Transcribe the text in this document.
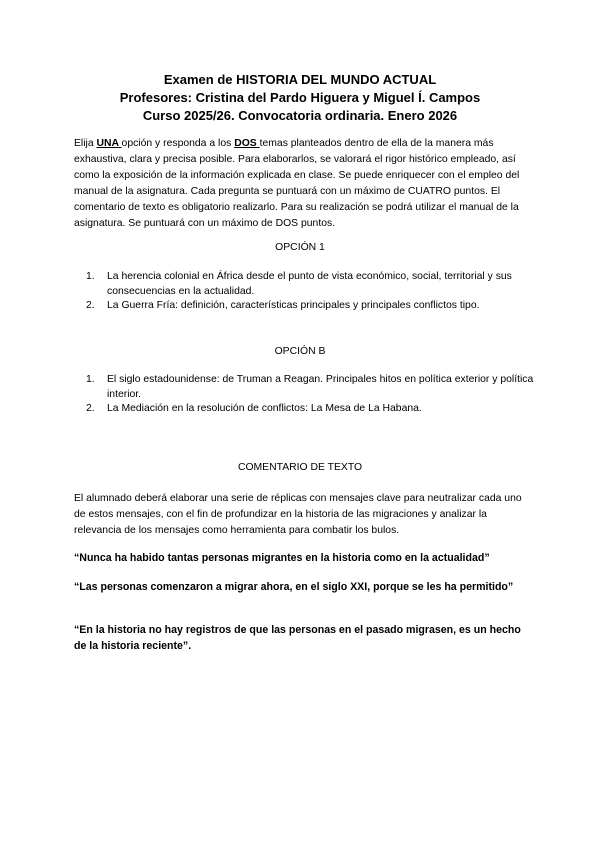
Examen de HISTORIA DEL MUNDO ACTUAL
Profesores: Cristina del Pardo Higuera y Miguel Í. Campos
Curso 2025/26. Convocatoria ordinaria. Enero 2026
Elija UNA opción y responda a los DOS temas planteados dentro de ella de la manera más exhaustiva, clara y precisa posible. Para elaborarlos, se valorará el rigor histórico empleado, así como la exposición de la información explicada en clase. Se puede enriquecer con el empleo del manual de la asignatura. Cada pregunta se puntuará con un máximo de CUATRO puntos. El comentario de texto es obligatorio realizarlo. Para su realización se podrá utilizar el manual de la asignatura. Se puntuará con un máximo de DOS puntos.
OPCIÓN 1
1. La herencia colonial en África desde el punto de vista económico, social, territorial y sus consecuencias en la actualidad.
2. La Guerra Fría: definición, características principales y principales conflictos tipo.
OPCIÓN B
1. El siglo estadounidense: de Truman a Reagan. Principales hitos en política exterior y política interior.
2. La Mediación en la resolución de conflictos: La Mesa de La Habana.
COMENTARIO DE TEXTO
El alumnado deberá elaborar una serie de réplicas con mensajes clave para neutralizar cada uno de estos mensajes, con el fin de profundizar en la historia de las migraciones y analizar la relevancia de los mensajes como herramienta para combatir los bulos.
“Nunca ha habido tantas personas migrantes en la historia como en la actualidad”
“Las personas comenzaron a migrar ahora, en el siglo XXI, porque se les ha permitido”
“En la historia no hay registros de que las personas en el pasado migrasen, es un hecho de la historia reciente”.
